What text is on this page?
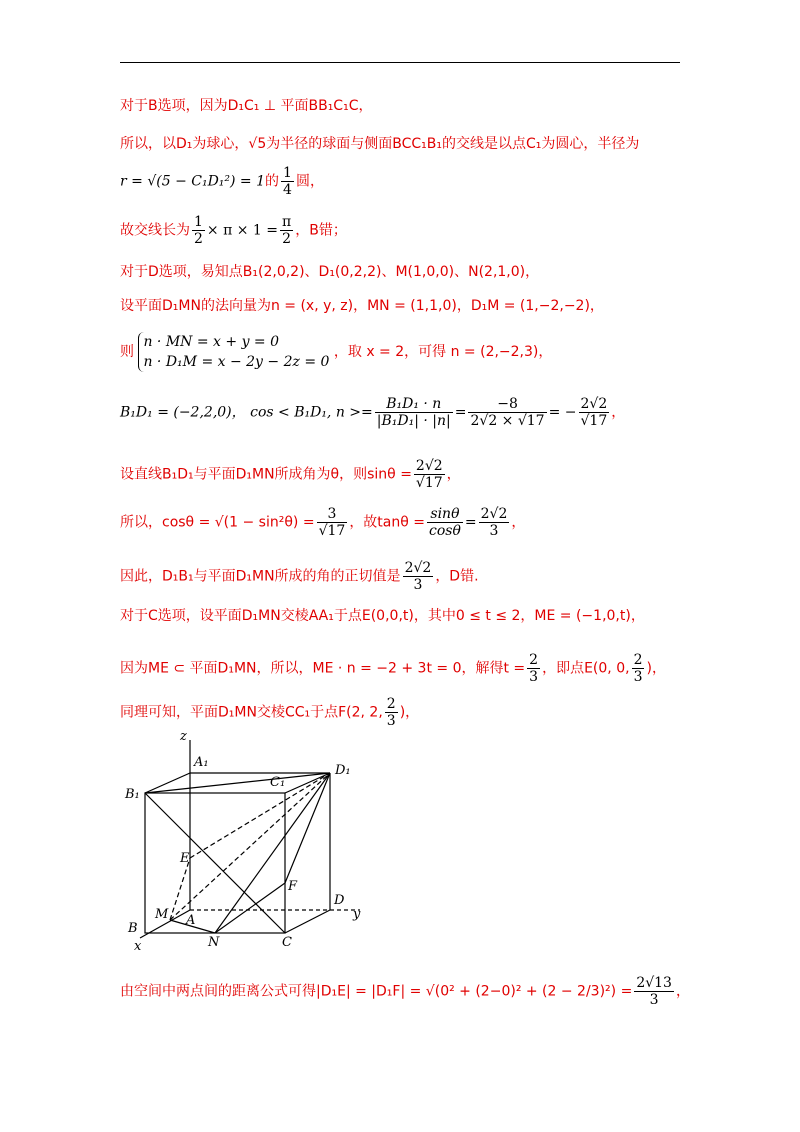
对于B选项，因为D₁C₁ ⊥ 平面BB₁C₁C，
所以，以D₁为球心，√5为半径的球面与侧面BCC₁B₁的交线是以点C₁为圆心，半径为
r = √(5 − C₁D₁²) = 1的 $\frac{1}{4}$ 圆，
故交线长为 $\frac{1}{2} \times \pi \times 1 = \frac{\pi}{2}$ ，B错；
对于D选项，易知点B₁(2,0,2)、D₁(0,2,2)、M(1,0,0)、N(2,1,0)，
设平面D₁MN的法向量为n = (x, y, z)，MN = (1,1,0)，D₁M = (1,−2,−2)，
则 n · MN = x + y = 0
n · D₁M = x − 2y − 2z = 0 ，取 x = 2，可得 n = (2,−2,3)，
B₁D₁ = (−2,2,0)， cos < B₁D₁, $n >= \frac{\text{B₁D₁ · n}}{\text{|B₁D₁| · |n|}} = \frac{-8}{2√2 \times √17}$ = − $\frac{2√2}{√17}$ ，
设直线B₁D₁与平面D₁MN所成角为θ，则$\sin\theta = \frac{2√2}{√17}$ ，
所以，$\cos\theta = √(1 - \sin^2\theta) = \frac{3}{√17}$ ，故$\tan\theta = \frac{\sin\theta}{\cos\theta} = \frac{2√2}{3}$ ，
因此，D₁B₁与平面D₁MN所成的角的正切值是 $\frac{2√2}{3}$ ，D错.
对于C选项，设平面D₁MN交棱AA₁于点E(0,0,t)，其中0 ≤ t ≤ 2，ME = (−1,0,t)，
因为ME ⊂ 平面D₁MN，所以，ME · n = −2 + 3t = 0，解得$t = \frac{2}{3}$ ，即点E(0, 0, $\frac{2}{3}$ )，
同理可知，平面D₁MN交棱CC₁于点F(2, 2, $\frac{2}{3}$ )，
z
A₁
D₁
C₁
B₁
E
F
D
y
M A
B
N	C
x
由空间中两点间的距离公式可得$|D_1E| = |D_1F| = √(0^2 + (2-0)^2 + (2 - 2/3)^2) = \frac{2√13}{3}$ ，
